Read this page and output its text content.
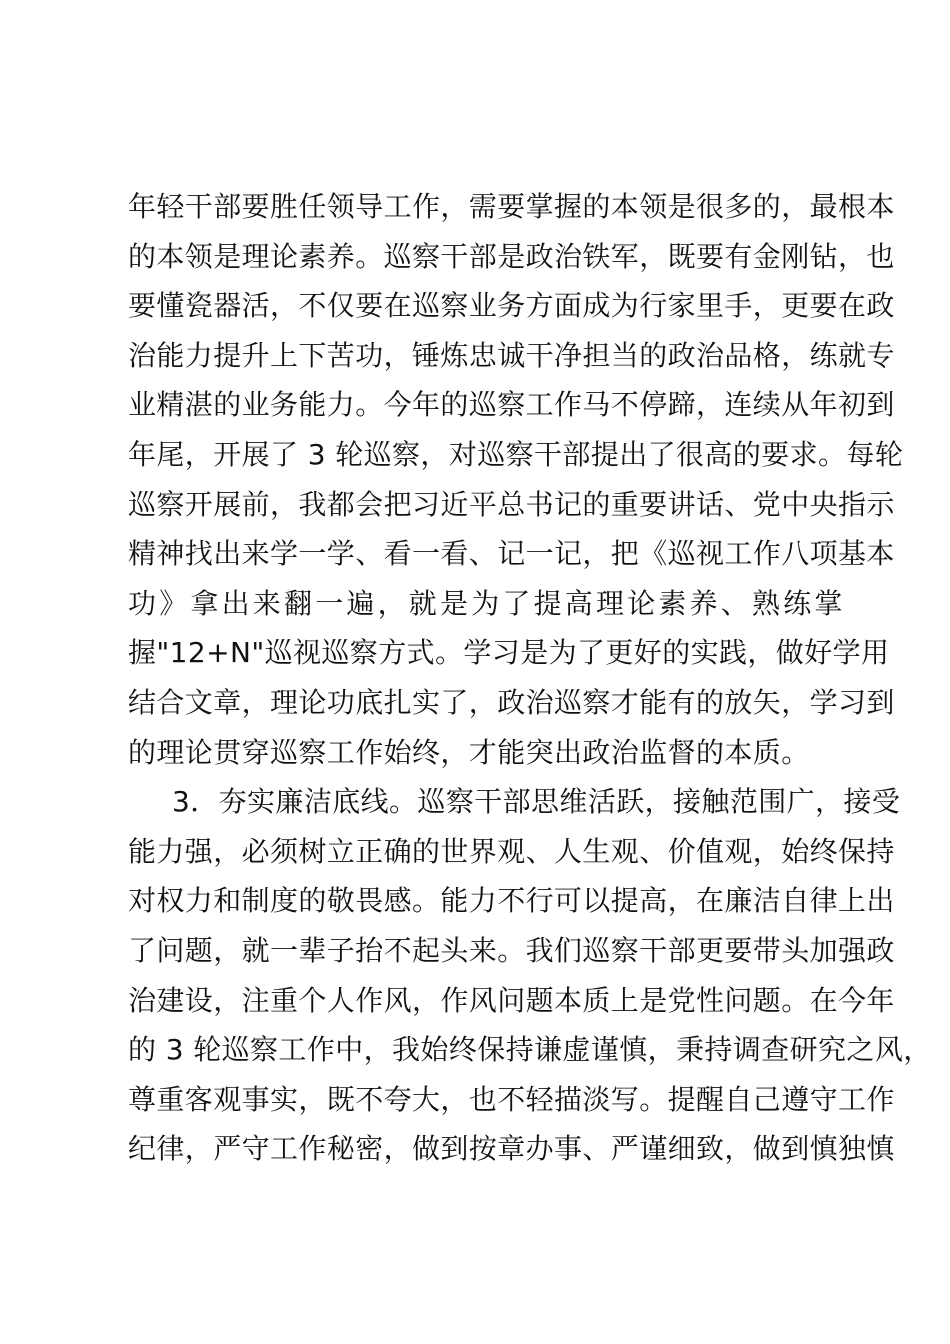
年轻干部要胜任领导工作，需要掌握的本领是很多的，最根本
的本领是理论素养。巡察干部是政治铁军，既要有金刚钻，也
要懂瓷器活，不仅要在巡察业务方面成为行家里手，更要在政
治能力提升上下苦功，锤炼忠诚干净担当的政治品格，练就专
业精湛的业务能力。今年的巡察工作马不停蹄，连续从年初到
年尾，开展了 3 轮巡察，对巡察干部提出了很高的要求。每轮
巡察开展前，我都会把习近平总书记的重要讲话、党中央指示
精神找出来学一学、看一看、记一记，把《巡视工作八项基本
功》拿出来翻一遍，就是为了提高理论素养、熟练掌
握"12+N"巡视巡察方式。学习是为了更好的实践，做好学用
结合文章，理论功底扎实了，政治巡察才能有的放矢，学习到
的理论贯穿巡察工作始终，才能突出政治监督的本质。
3．夯实廉洁底线。巡察干部思维活跃，接触范围广，接受
能力强，必须树立正确的世界观、人生观、价值观，始终保持
对权力和制度的敬畏感。能力不行可以提高，在廉洁自律上出
了问题，就一辈子抬不起头来。我们巡察干部更要带头加强政
治建设，注重个人作风，作风问题本质上是党性问题。在今年
的 3 轮巡察工作中，我始终保持谦虚谨慎，秉持调查研究之风，
尊重客观事实，既不夸大，也不轻描淡写。提醒自己遵守工作
纪律，严守工作秘密，做到按章办事、严谨细致，做到慎独慎
